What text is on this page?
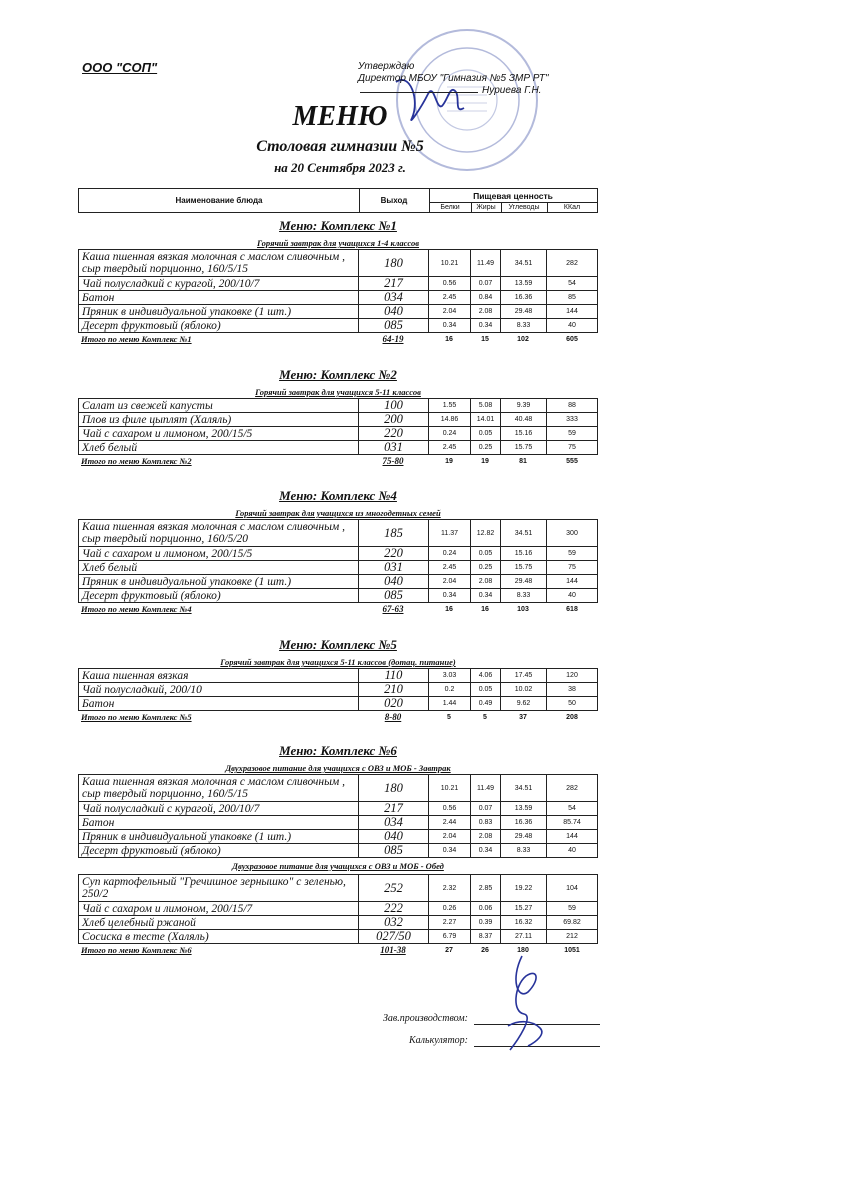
ООО "СОП"	Утверждаю
Директор МБОУ "Гимназия №5 ЗМР РТ"
Нуриева Г.Н.
МЕНЮ
Столовая гимназии №5
на 20 Сентября 2023 г.
Наименование блюда	Выход	Пищевая ценность
Белки	Жиры	Углеводы	ККал
Меню: Комплекс №1
Горячий завтрак для учащихся 1-4 классов
Каша пшенная вязкая молочная с маслом сливочным , сыр твердый порционно, 160/5/15	180	10.21	11.49	34.51	282
Чай полусладкий с курагой, 200/10/7	217	0.56	0.07	13.59	54
Батон	034	2.45	0.84	16.36	85
Пряник в индивидуальной упаковке (1 шт.)	040	2.04	2.08	29.48	144
Десерт фруктовый (яблоко)	085	0.34	0.34	8.33	40
Итого по меню Комплекс №1	64-19	16	15	102	605
Меню: Комплекс №2
Горячий завтрак для учащихся 5-11 классов
Салат из свежей капусты	100	1.55	5.08	9.39	88
Плов из филе цыплят (Халяль)	200	14.86	14.01	40.48	333
Чай с сахаром и лимоном, 200/15/5	220	0.24	0.05	15.16	59
Хлеб белый	031	2.45	0.25	15.75	75
Итого по меню Комплекс №2	75-80	19	19	81	555
Меню: Комплекс №4
Горячий завтрак для учащихся из многодетных семей
Каша пшенная вязкая молочная с маслом сливочным , сыр твердый порционно, 160/5/20	185	11.37	12.82	34.51	300
Чай с сахаром и лимоном, 200/15/5	220	0.24	0.05	15.16	59
Хлеб белый	031	2.45	0.25	15.75	75
Пряник в индивидуальной упаковке (1 шт.)	040	2.04	2.08	29.48	144
Десерт фруктовый (яблоко)	085	0.34	0.34	8.33	40
Итого по меню Комплекс №4	67-63	16	16	103	618
Меню: Комплекс №5
Горячий завтрак для учащихся 5-11 классов (дотац. питание)
Каша пшенная вязкая	110	3.03	4.06	17.45	120
Чай полусладкий, 200/10	210	0.2	0.05	10.02	38
Батон	020	1.44	0.49	9.62	50
Итого по меню Комплекс №5	8-80	5	5	37	208
Меню: Комплекс №6
Двухразовое питание для учащихся с ОВЗ и МОБ - Завтрак
Каша пшенная вязкая молочная с маслом сливочным , сыр твердый порционно, 160/5/15	180	10.21	11.49	34.51	282
Чай полусладкий с курагой, 200/10/7	217	0.56	0.07	13.59	54
Батон	034	2.44	0.83	16.36	85.74
Пряник в индивидуальной упаковке (1 шт.)	040	2.04	2.08	29.48	144
Десерт фруктовый (яблоко)	085	0.34	0.34	8.33	40
Двухразовое питание для учащихся с ОВЗ и МОБ - Обед
Суп картофельный "Гречишное зернышко" с зеленью, 250/2	252	2.32	2.85	19.22	104
Чай с сахаром и лимоном, 200/15/7	222	0.26	0.06	15.27	59
Хлеб целебный ржаной	032	2.27	0.39	16.32	69.82
Сосиска в тесте (Халяль)	027/50	6.79	8.37	27.11	212
Итого по меню Комплекс №6	101-38	27	26	180	1051
Зав.производством:
Калькулятор:
